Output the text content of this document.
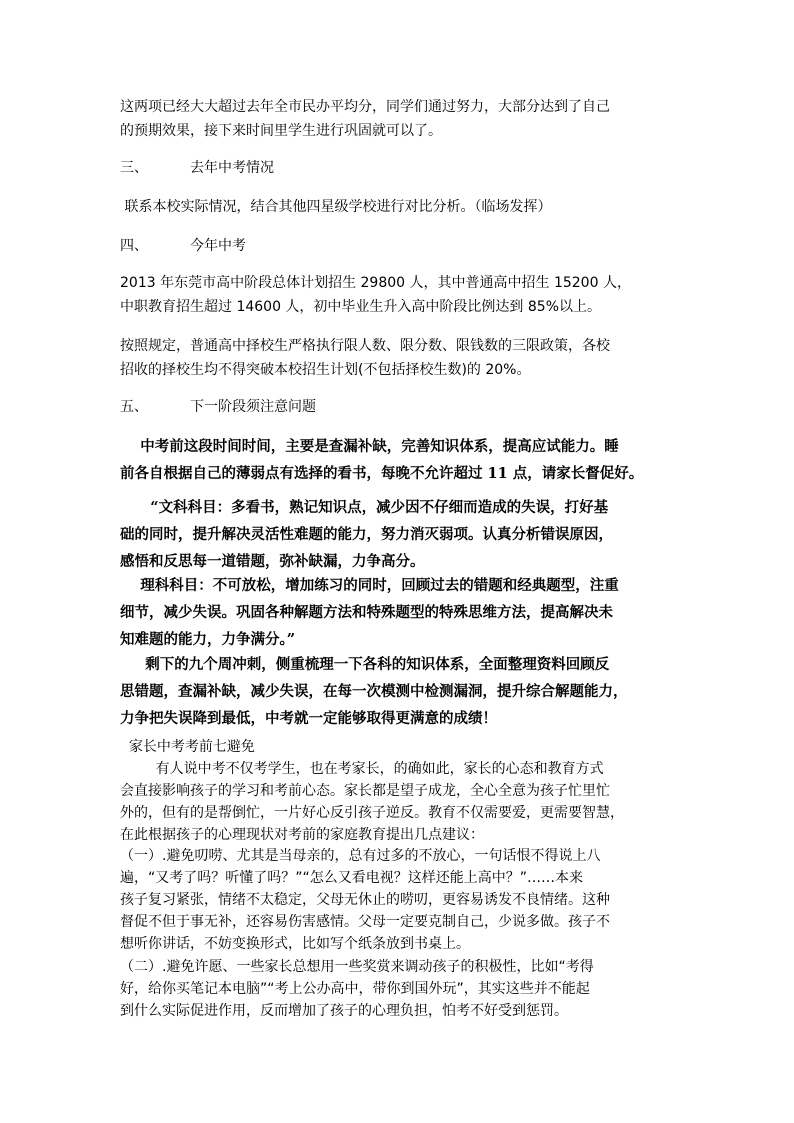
这两项已经大大超过去年全市民办平均分，同学们通过努力，大部分达到了自己
的预期效果，接下来时间里学生进行巩固就可以了。
三、	去年中考情况
联系本校实际情况，结合其他四星级学校进行对比分析。（临场发挥）
四、	今年中考
2013 年东莞市高中阶段总体计划招生 29800 人，其中普通高中招生 15200 人，
中职教育招生超过 14600 人，初中毕业生升入高中阶段比例达到 85%以上。
按照规定，普通高中择校生严格执行限人数、限分数、限钱数的三限政策，各校
招收的择校生均不得突破本校招生计划(不包括择校生数)的 20%。
五、	下一阶段须注意问题
中考前这段时间时间，主要是查漏补缺，完善知识体系，提高应试能力。睡
前各自根据自己的薄弱点有选择的看书，每晚不允许超过 11 点，请家长督促好。
“文科科目：多看书，熟记知识点，减少因不仔细而造成的失误，打好基
础的同时，提升解决灵活性难题的能力，努力消灭弱项。认真分析错误原因，
感悟和反思每一道错题，弥补缺漏，力争高分。
理科科目：不可放松，增加练习的同时，回顾过去的错题和经典题型，注重
细节，减少失误。巩固各种解题方法和特殊题型的特殊思维方法，提高解决未
知难题的能力，力争满分。”
剩下的九个周冲刺，侧重梳理一下各科的知识体系，全面整理资料回顾反
思错题，查漏补缺，减少失误，在每一次模测中检测漏洞，提升综合解题能力，
力争把失误降到最低，中考就一定能够取得更满意的成绩！
家长中考考前七避免
有人说中考不仅考学生，也在考家长，的确如此，家长的心态和教育方式
会直接影响孩子的学习和考前心态。家长都是望子成龙，全心全意为孩子忙里忙
外的，但有的是帮倒忙，一片好心反引孩子逆反。教育不仅需要爱，更需要智慧，
在此根据孩子的心理现状对考前的家庭教育提出几点建议：
（一）.避免叨唠、尤其是当母亲的，总有过多的不放心，一句话恨不得说上八
遍，“又考了吗？听懂了吗？”“怎么又看电视？这样还能上高中？”……本来
孩子复习紧张，情绪不太稳定，父母无休止的唠叨，更容易诱发不良情绪。这种
督促不但于事无补，还容易伤害感情。父母一定要克制自己，少说多做。孩子不
想听你讲话，不妨变换形式，比如写个纸条放到书桌上。
（二）.避免许愿、一些家长总想用一些奖赏来调动孩子的积极性，比如“考得
好，给你买笔记本电脑”“考上公办高中，带你到国外玩”，其实这些并不能起
到什么实际促进作用，反而增加了孩子的心理负担，怕考不好受到惩罚。
